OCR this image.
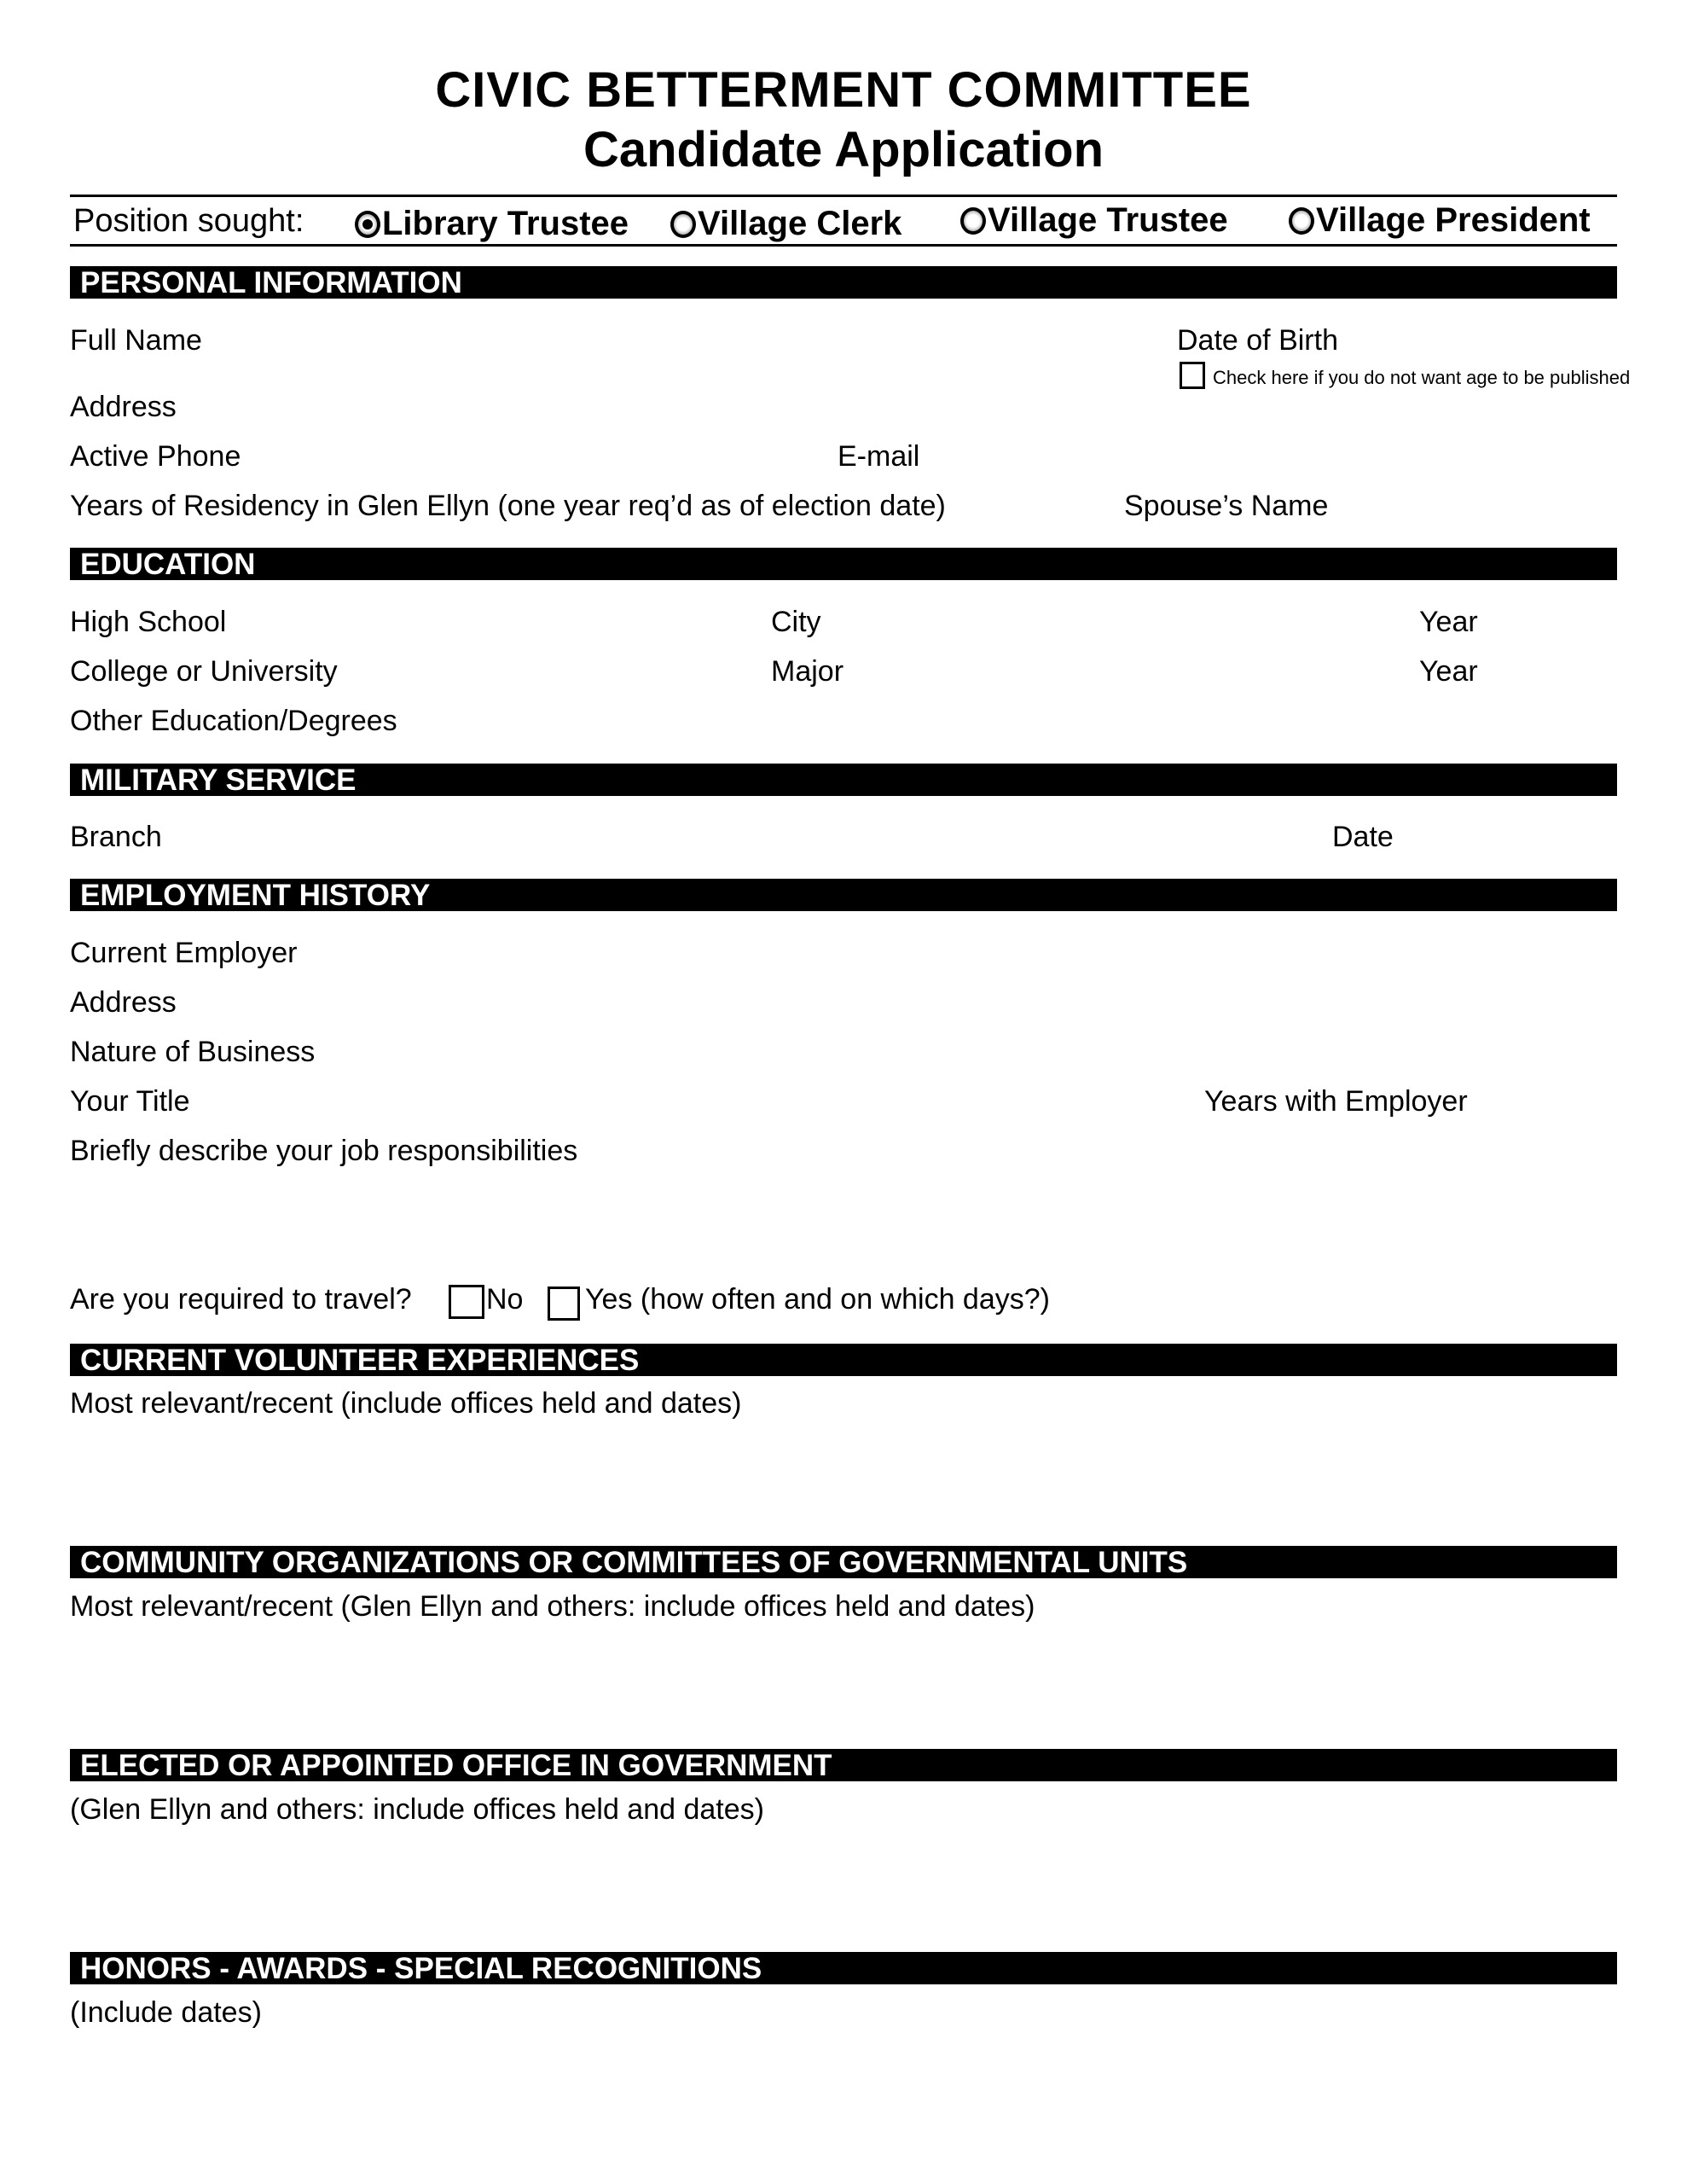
CIVIC BETTERMENT COMMITTEE
Candidate Application
Position sought: Library Trustee Village Clerk	Village Trustee	Village President
PERSONAL INFORMATION
Full Name	Date of Birth
Check here if you do not want age to be published
Address
Active Phone	E-mail
Years of Residency in Glen Ellyn (one year req’d as of election date)	Spouse’s Name
EDUCATION
High School	City	Year
College or University	Major	Year
Other Education/Degrees
MILITARY SERVICE
Branch	Date
EMPLOYMENT HISTORY
Current Employer
Address
Nature of Business
Your Title	Years with Employer
Briefly describe your job responsibilities
Are you required to travel?	No Yes (how often and on which days?)
CURRENT VOLUNTEER EXPERIENCES
Most relevant/recent (include offices held and dates)
COMMUNITY ORGANIZATIONS OR COMMITTEES OF GOVERNMENTAL UNITS
Most relevant/recent (Glen Ellyn and others: include offices held and dates)
ELECTED OR APPOINTED OFFICE IN GOVERNMENT
(Glen Ellyn and others: include offices held and dates)
HONORS - AWARDS - SPECIAL RECOGNITIONS
(Include dates)
